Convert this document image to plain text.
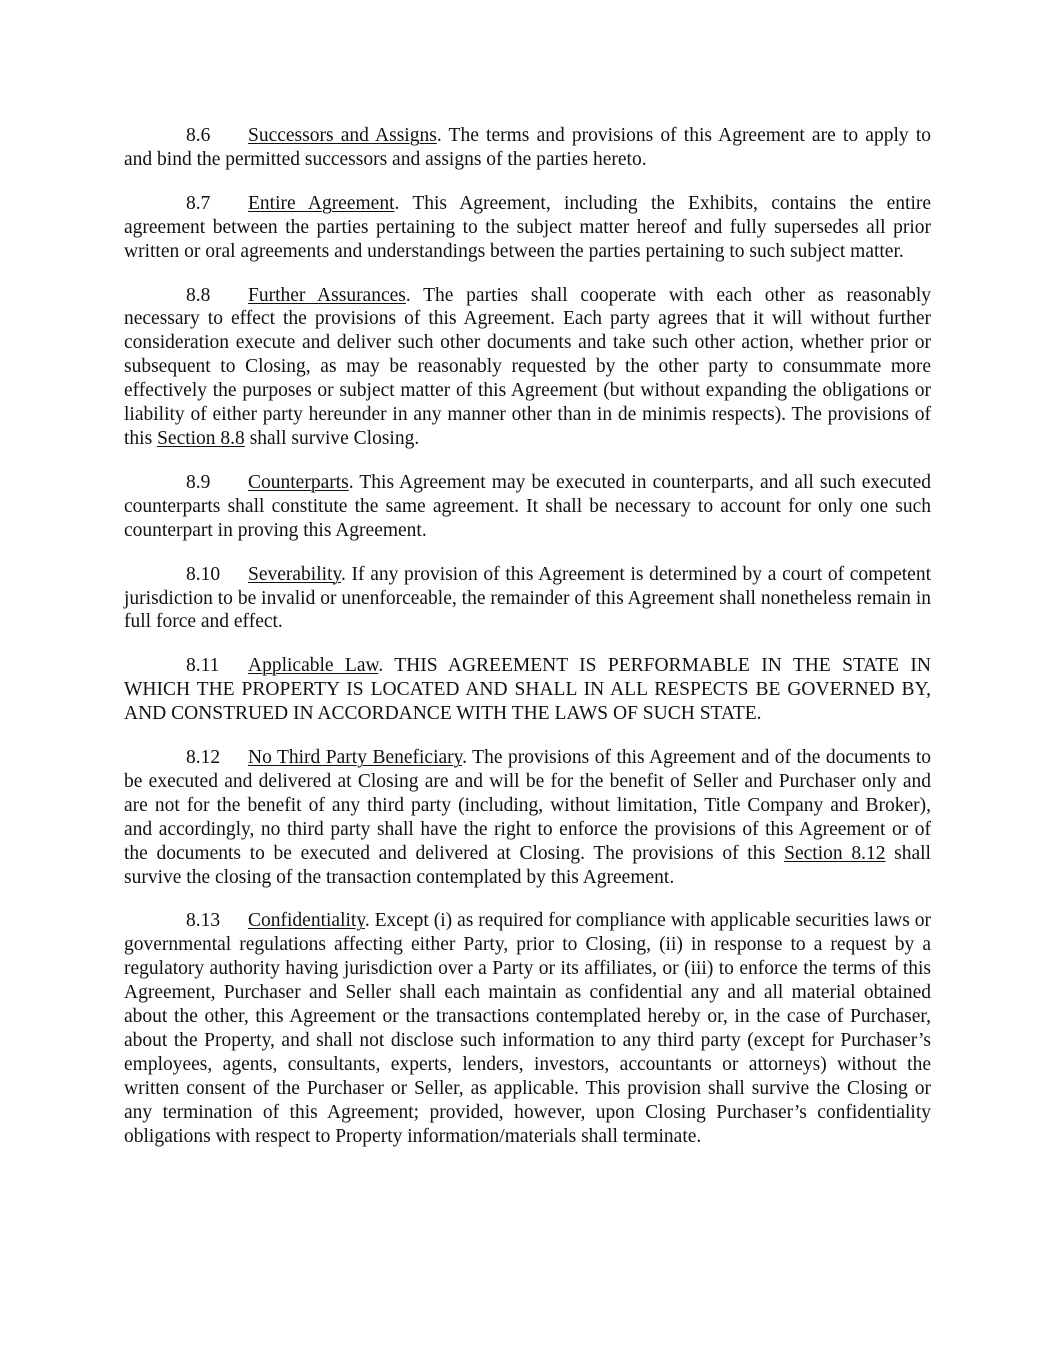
8.6 Successors and Assigns. The terms and provisions of this Agreement are to apply to and bind the permitted successors and assigns of the parties hereto.

8.7 Entire Agreement. This Agreement, including the Exhibits, contains the entire agreement between the parties pertaining to the subject matter hereof and fully supersedes all prior written or oral agreements and understandings between the parties pertaining to such subject matter.

8.8 Further Assurances. The parties shall cooperate with each other as reasonably necessary to effect the provisions of this Agreement. Each party agrees that it will without further consideration execute and deliver such other documents and take such other action, whether prior or subsequent to Closing, as may be reasonably requested by the other party to consummate more effectively the purposes or subject matter of this Agreement (but without expanding the obligations or liability of either party hereunder in any manner other than in de minimis respects). The provisions of this Section 8.8 shall survive Closing.

8.9 Counterparts. This Agreement may be executed in counterparts, and all such executed counterparts shall constitute the same agreement. It shall be necessary to account for only one such counterpart in proving this Agreement.

8.10 Severability. If any provision of this Agreement is determined by a court of competent jurisdiction to be invalid or unenforceable, the remainder of this Agreement shall nonetheless remain in full force and effect.

8.11 Applicable Law. THIS AGREEMENT IS PERFORMABLE IN THE STATE IN WHICH THE PROPERTY IS LOCATED AND SHALL IN ALL RESPECTS BE GOVERNED BY, AND CONSTRUED IN ACCORDANCE WITH THE LAWS OF SUCH STATE.

8.12 No Third Party Beneficiary. The provisions of this Agreement and of the documents to be executed and delivered at Closing are and will be for the benefit of Seller and Purchaser only and are not for the benefit of any third party (including, without limitation, Title Company and Broker), and accordingly, no third party shall have the right to enforce the provisions of this Agreement or of the documents to be executed and delivered at Closing. The provisions of this Section 8.12 shall survive the closing of the transaction contemplated by this Agreement.

8.13 Confidentiality. Except (i) as required for compliance with applicable securities laws or governmental regulations affecting either Party, prior to Closing, (ii) in response to a request by a regulatory authority having jurisdiction over a Party or its affiliates, or (iii) to enforce the terms of this Agreement, Purchaser and Seller shall each maintain as confidential any and all material obtained about the other, this Agreement or the transactions contemplated hereby or, in the case of Purchaser, about the Property, and shall not disclose such information to any third party (except for Purchaser’s employees, agents, consultants, experts, lenders, investors, accountants or attorneys) without the written consent of the Purchaser or Seller, as applicable. This provision shall survive the Closing or any termination of this Agreement; provided, however, upon Closing Purchaser’s confidentiality obligations with respect to Property information/materials shall terminate.
